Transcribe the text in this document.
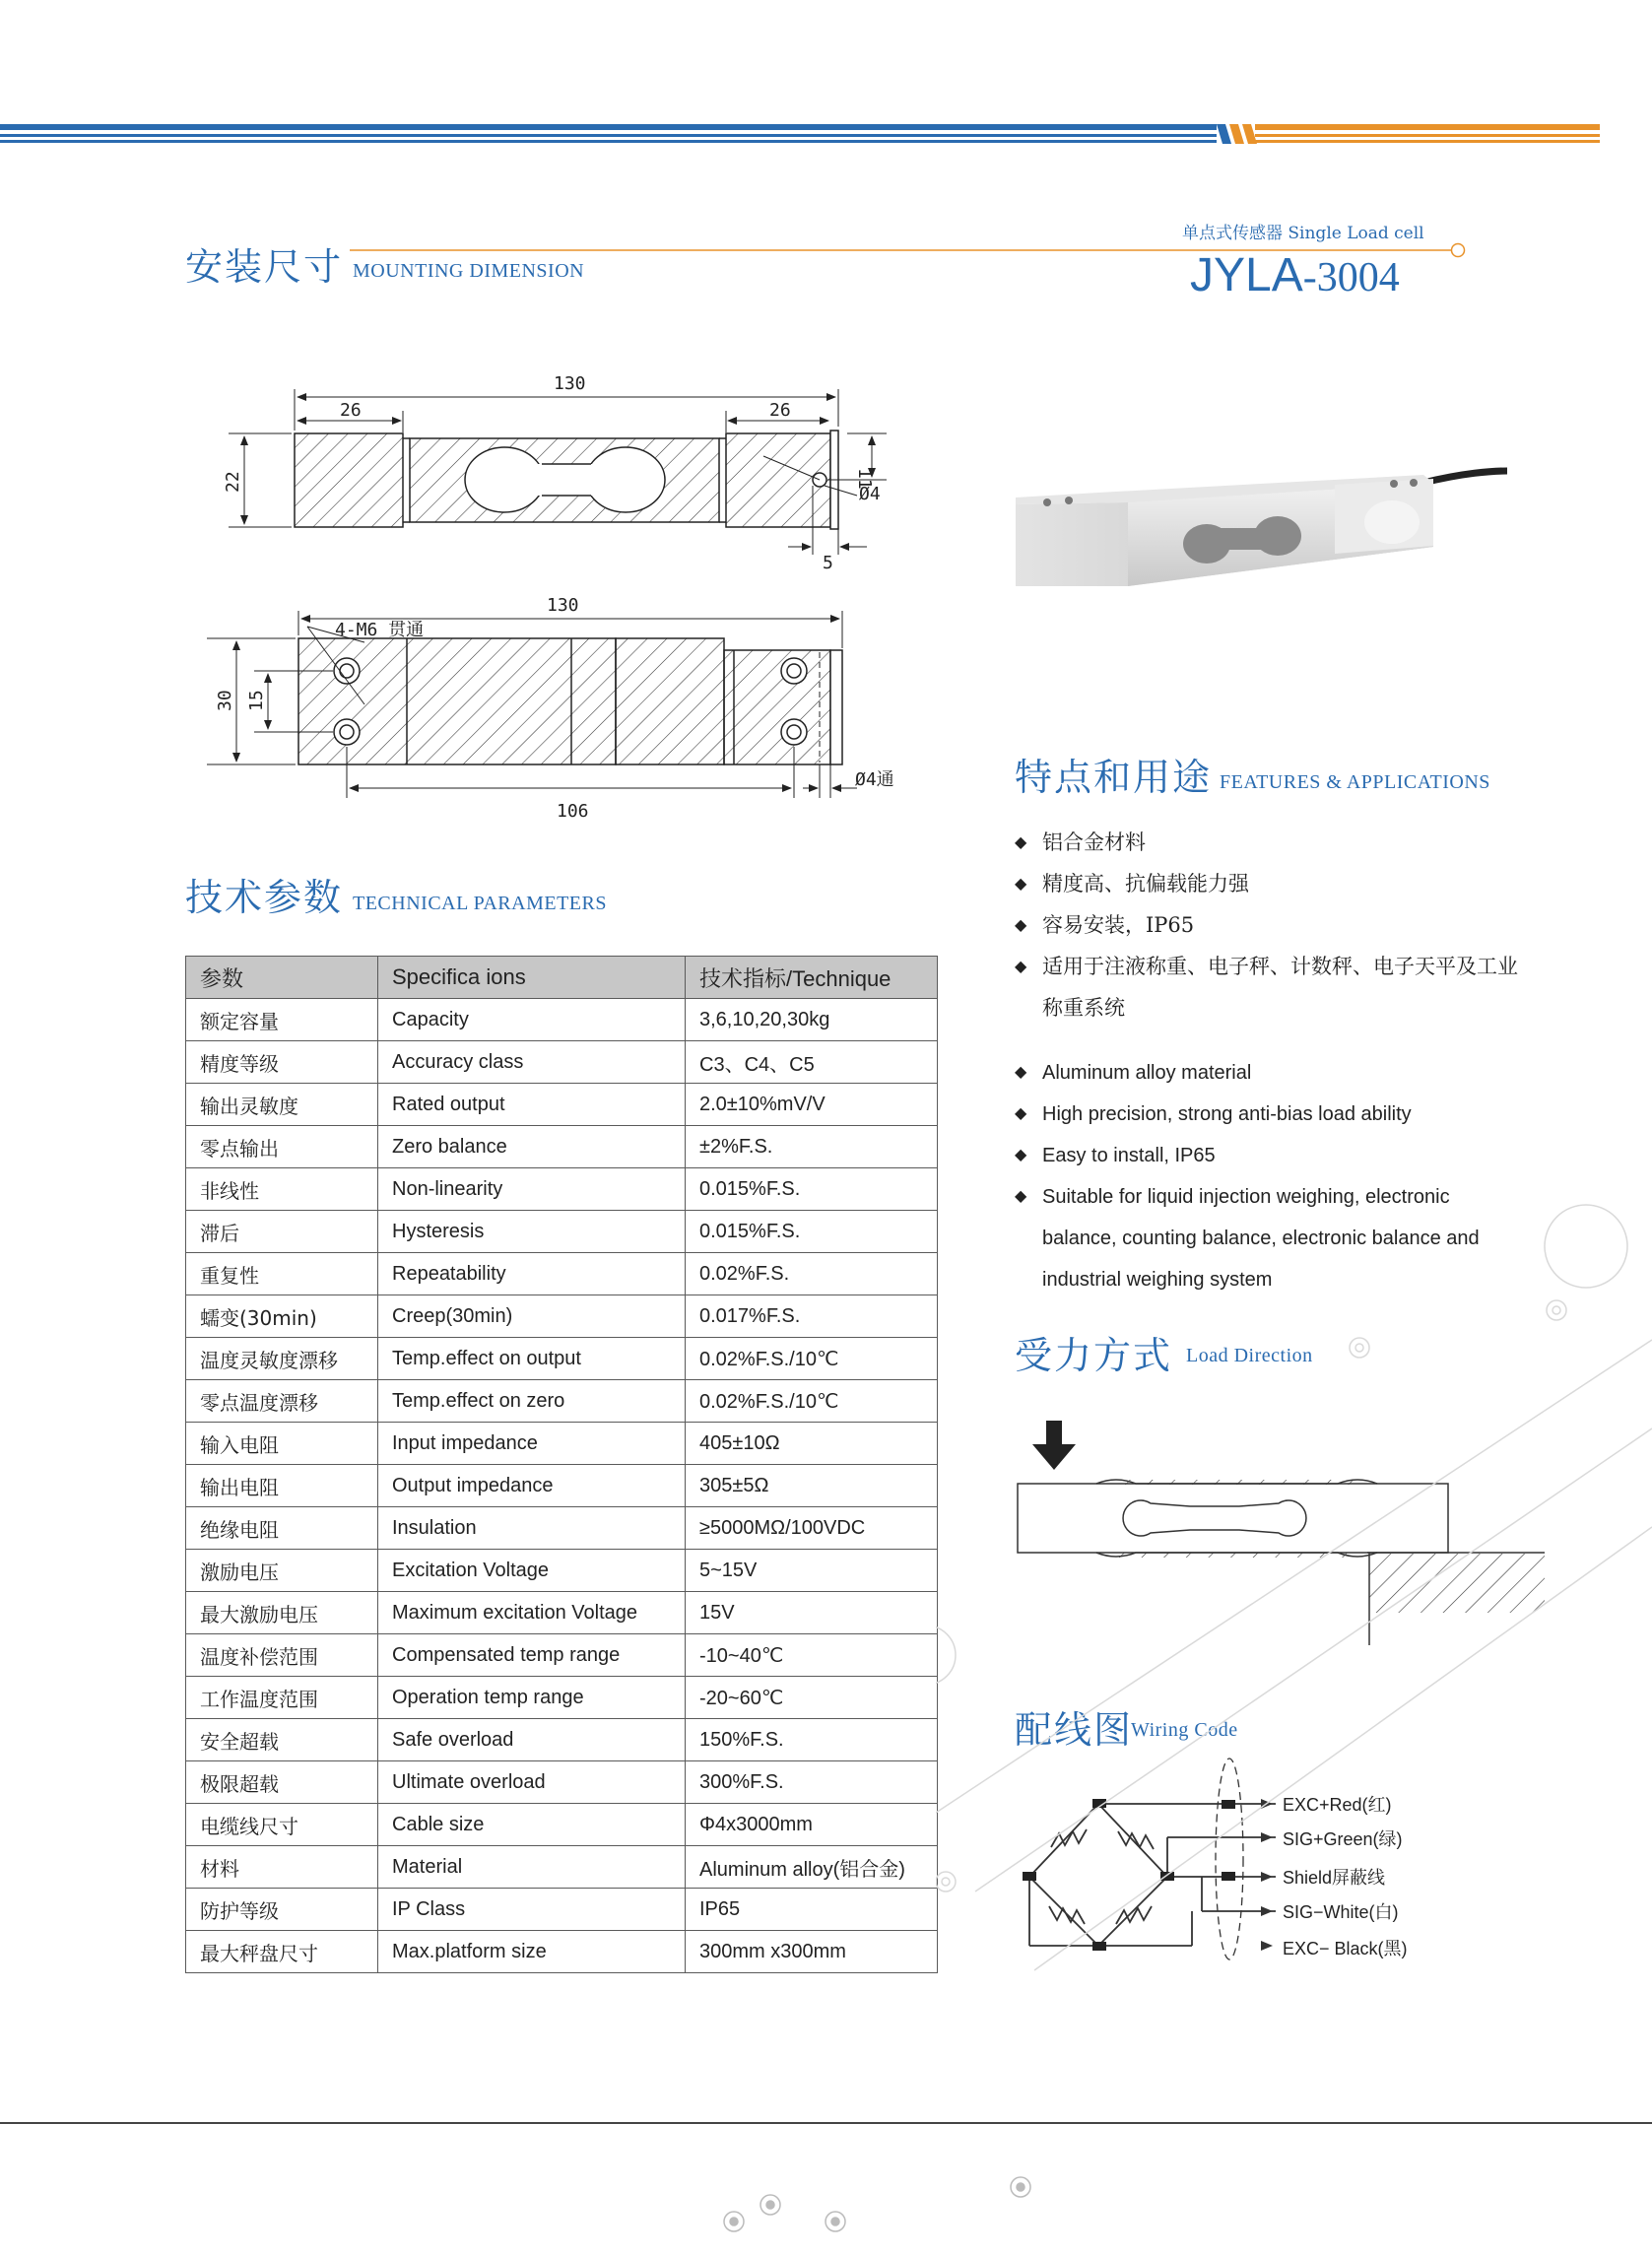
安装尺寸 MOUNTING DIMENSION
单点式传感器 Single Load cell
JYLA-3004
130
26	26
22	11
Ø4
5
130
4-M6 贯通
30 15
106
Ø4通	特点和用途 FEATURES & APPLICATIONS
◆ 铝合金材料
◆ 精度高、抗偏载能力强
◆ 容易安装，IP65
◆ 适用于注液称重、电子秤、计数秤、电子天平及工业称重系统
◆ Aluminum alloy material
◆ High precision, strong anti-bias load ability
◆ Easy to install, IP65
◆ Suitable for liquid injection weighing, electronic balance, counting balance, electronic balance and industrial weighing system
技术参数 TECHNICAL PARAMETERS
参数	Specifica ions	技术指标/Technique
额定容量	Capacity	3,6,10,20,30kg
精度等级	Accuracy class	C3、C4、C5
输出灵敏度	Rated output	2.0±10%mV/V
零点输出	Zero balance	±2%F.S.
非线性	Non-linearity	0.015%F.S.
滞后	Hysteresis	0.015%F.S.
重复性	Repeatability	0.02%F.S.
蠕变(30min)	Creep(30min)	0.017%F.S.
温度灵敏度漂移	Temp.effect on output	0.02%F.S./10℃
零点温度漂移	Temp.effect on zero	0.02%F.S./10℃
输入电阻	Input impedance	405±10Ω
输出电阻	Output impedance	305±5Ω
绝缘电阻	Insulation	≥5000MΩ/100VDC
激励电压	Excitation Voltage	5~15V
最大激励电压	Maximum excitation Voltage	15V
温度补偿范围	Compensated temp range	-10~40℃
工作温度范围	Operation temp range	-20~60℃
安全超载	Safe overload	150%F.S.
极限超载	Ultimate overload	300%F.S.
电缆线尺寸	Cable size	Φ4x3000mm
材料	Material	Aluminum alloy(铝合金)
防护等级	IP Class	IP65
最大秤盘尺寸	Max.platform size	300mm x300mm
受力方式 Load Direction
配线图
Wiring Code
EXC+Red(红)
SIG+Green(绿)
Shield屏蔽线
SIG−White(白)
EXC− Black(黑)
